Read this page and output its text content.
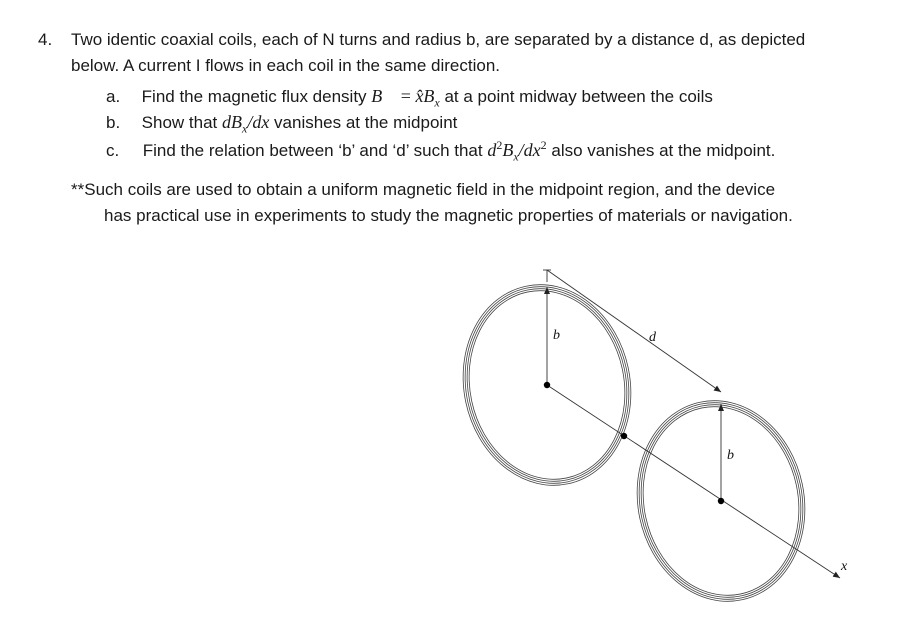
4. Two identic coaxial coils, each of N turns and radius b, are separated by a distance d, as depicted
below. A current I flows in each coil in the same direction.
a. Find the magnetic flux density B⃗ = $x̂B_x$ at a point midway between the coils
b. Show that $dB_x/dx$ vanishes at the midpoint
c. Find the relation between ‘b’ and ‘d’ such that $d^2B_x/dx^2$ also vanishes at the midpoint.
**Such coils are used to obtain a uniform magnetic field in the midpoint region, and the device
has practical use in experiments to study the magnetic properties of materials or navigation.
b	d
b
x
